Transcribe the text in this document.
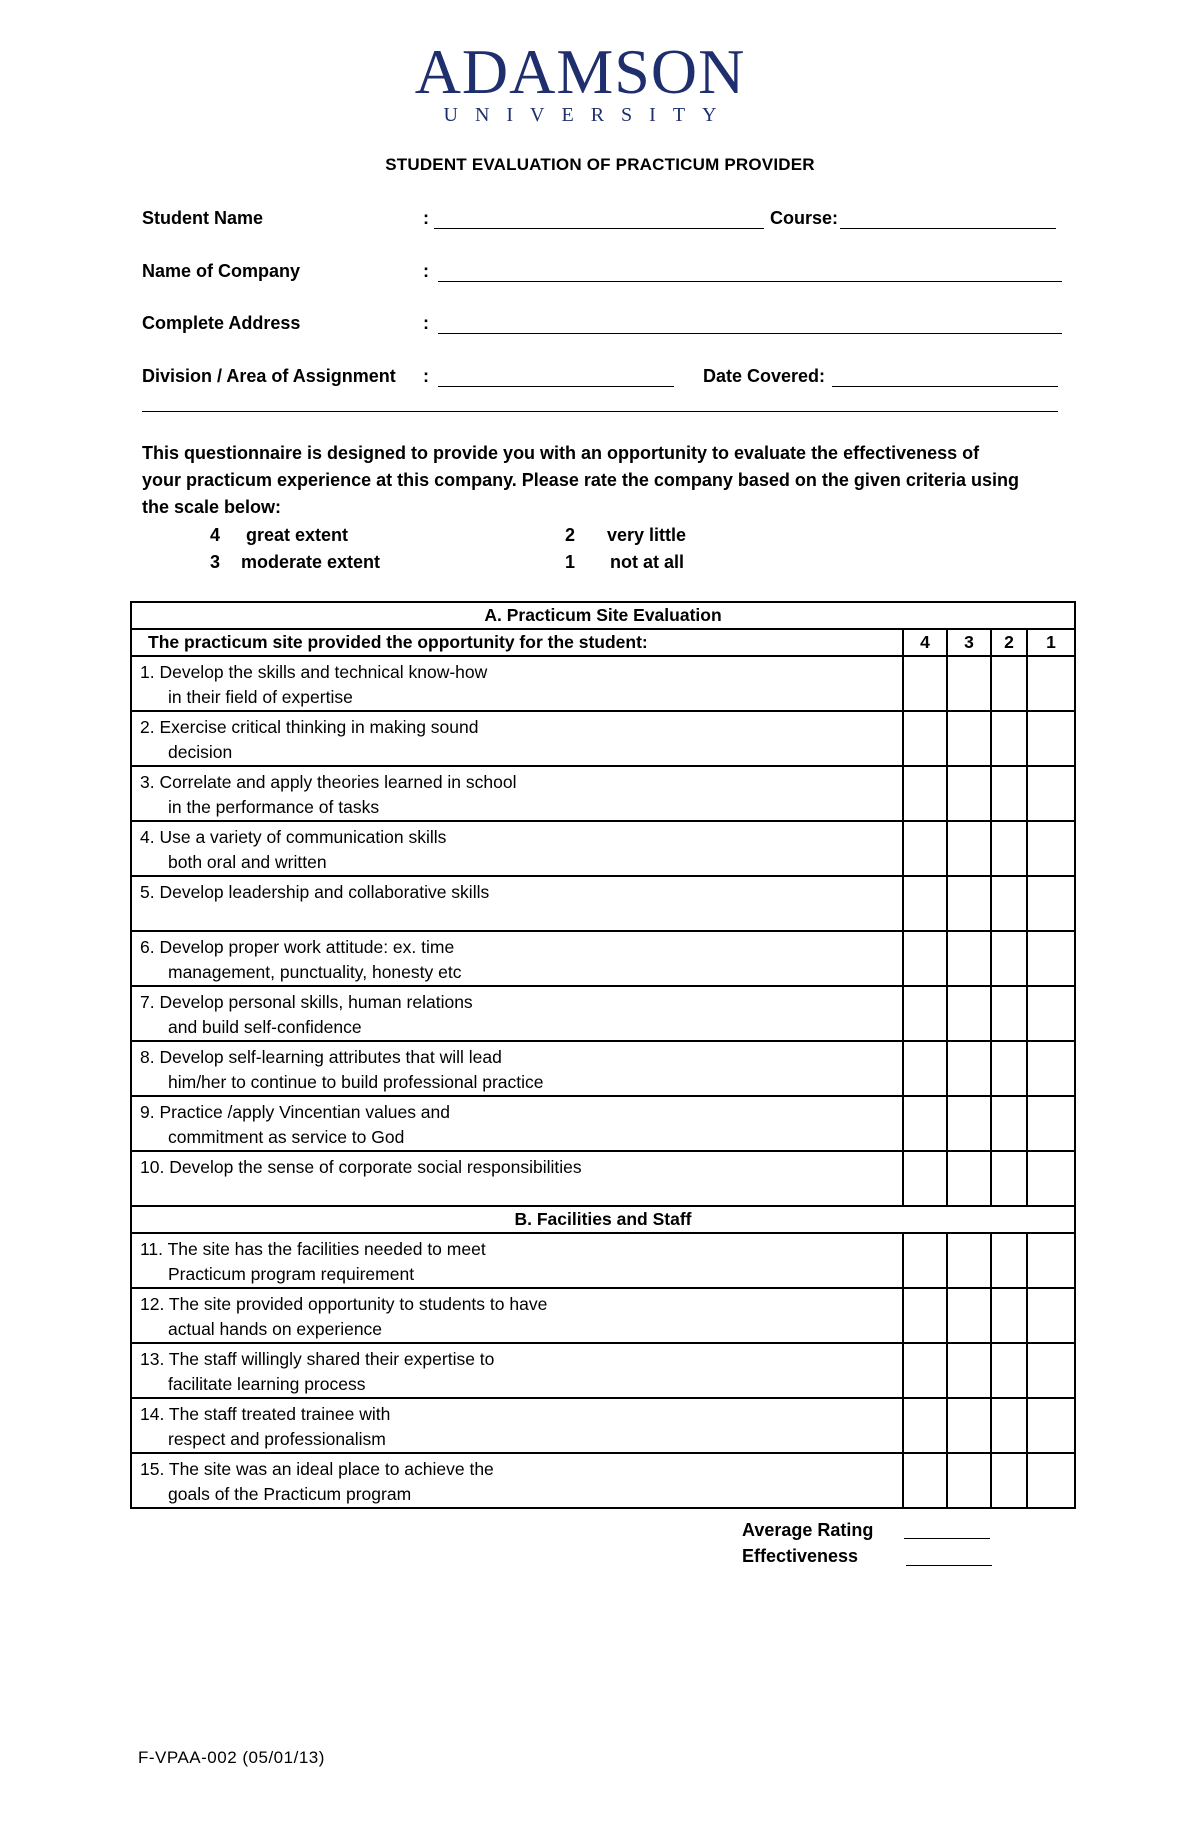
ADAMSON
UNIVERSITY
STUDENT EVALUATION OF PRACTICUM PROVIDER
Student Name	:	Course:
Name of Company	:
Complete Address	:
Division / Area of Assignment :	Date Covered:
This questionnaire is designed to provide you with an opportunity to evaluate the effectiveness of
your practicum experience at this company. Please rate the company based on the given criteria using
the scale below:
4 great extent
3 moderate extent
2 very little
1 not at all
A. Practicum Site Evaluation				
The practicum site provided the opportunity for the student:	4	3	2	1

1. Develop the skills and technical know-how
in their field of expertise				

2. Exercise critical thinking in making sound
decision				

3. Correlate and apply theories learned in school
in the performance of tasks				

4. Use a variety of communication skills
both oral and written				

5. Develop leadership and collaborative skills				

6. Develop proper work attitude: ex. time
management, punctuality, honesty etc				

7. Develop personal skills, human relations
and build self-confidence				

8. Develop self-learning attributes that will lead
him/her to continue to build professional practice				

9. Practice /apply Vincentian values and
commitment as service to God				

10. Develop the sense of corporate social responsibilities				

B. Facilities and Staff				

11. The site has the facilities needed to meet
Practicum program requirement				

12. The site provided opportunity to students to have
actual hands on experience				

13. The staff willingly shared their expertise to
facilitate learning process				

14. The staff treated trainee with
respect and professionalism				

15. The site was an ideal place to achieve the
goals of the Practicum program				

Average Rating
Effectiveness
F-VPAA-002 (05/01/13)
